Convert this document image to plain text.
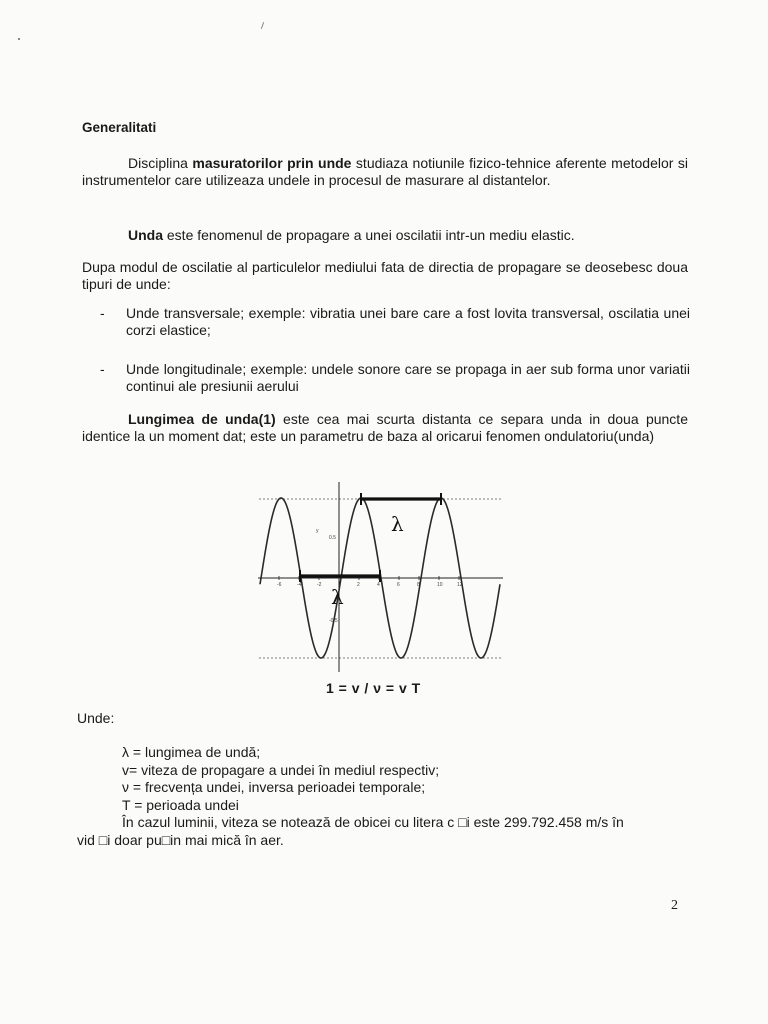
Generalitati

Disciplina masuratorilor prin unde studiaza notiunile fizico-tehnice aferente metodelor si instrumentelor care utilizeaza undele in procesul de masurare al distantelor.

Unda este fenomenul de propagare a unei oscilatii intr-un mediu elastic.

Dupa modul de oscilatie al particulelor mediului fata de directia de propagare se deosebesc doua tipuri de unde:

- Unde transversale; exemple: vibratia unei bare care a fost lovita transversal, oscilatia unei corzi elastice;
- Unde longitudinale; exemple: undele sonore care se propaga in aer sub forma unor variatii continui ale presiunii aerului

Lungimea de unda(1) este cea mai scurta distanta ce separa unda in doua puncte identice la un moment dat; este un parametru de baza al oricarui fenomen ondulatoriu(unda)

-6	-4	-2	2	4	6	8	10	12
y
0.5
-0.5
λ
λ
1 = v / ν = v T
Unde:
λ = lungimea de undă;
v= viteza de propagare a undei în mediul respectiv;
ν = frecvența undei, inversa perioadei temporale;
T = perioada undei
În cazul luminii, viteza se notează de obicei cu litera c □i este 299.792.458 m/s în
vid □i doar pu□in mai mică în aer.
2
